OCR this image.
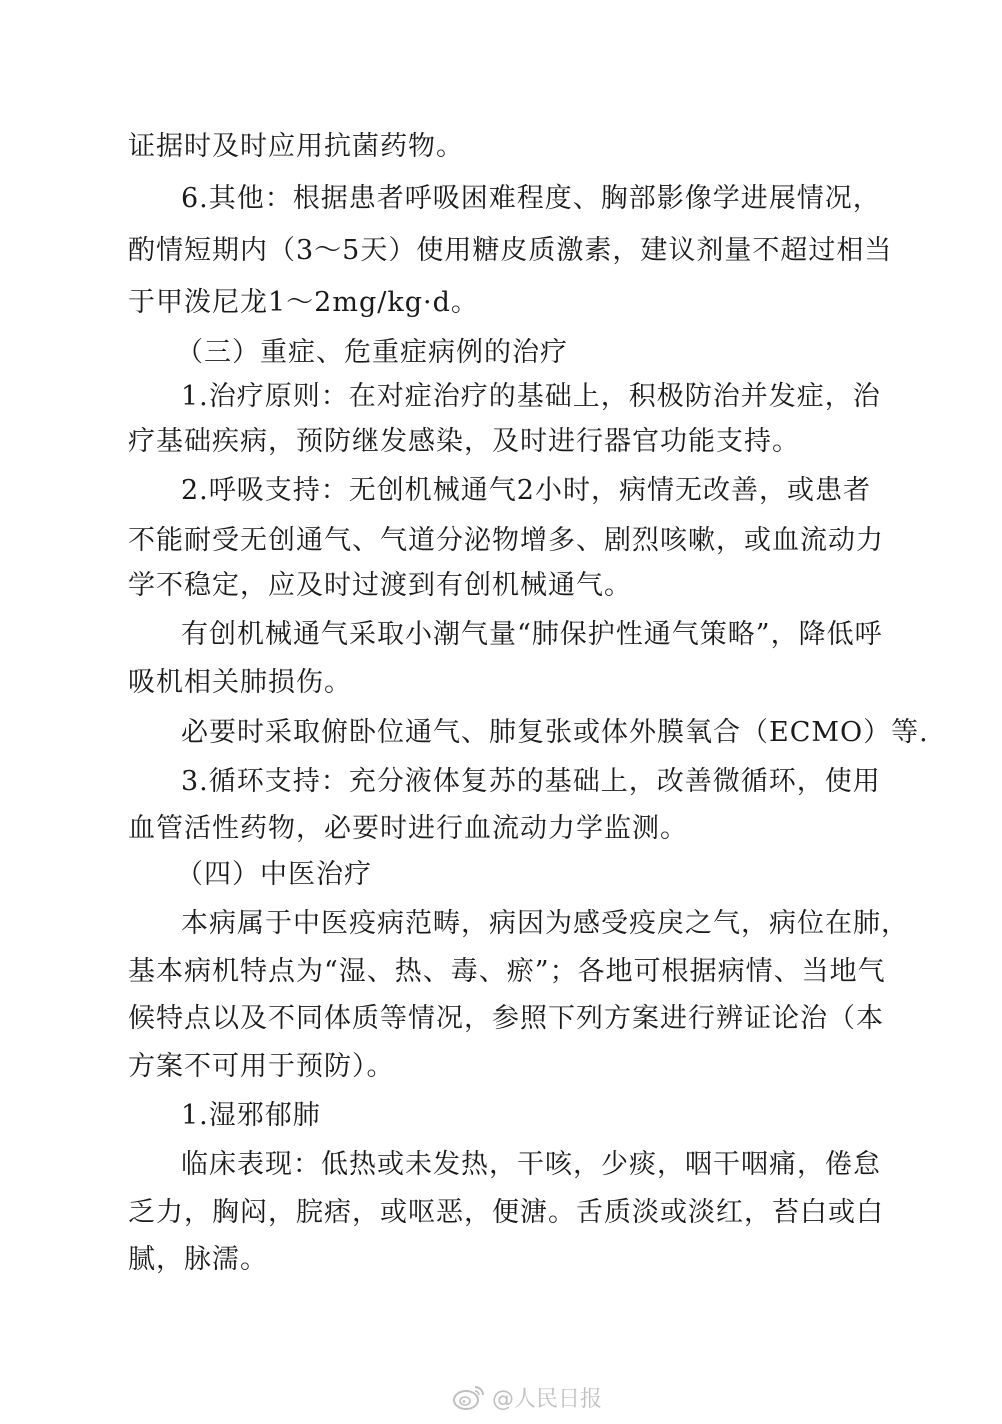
证据时及时应用抗菌药物。
6.其他：根据患者呼吸困难程度、胸部影像学进展情况，
酌情短期内（3～5天）使用糖皮质激素，建议剂量不超过相当
于甲泼尼龙1～2mg/kg·d。
（三）重症、危重症病例的治疗
1.治疗原则：在对症治疗的基础上，积极防治并发症，治
疗基础疾病，预防继发感染，及时进行器官功能支持。
2.呼吸支持：无创机械通气2小时，病情无改善，或患者
不能耐受无创通气、气道分泌物增多、剧烈咳嗽，或血流动力
学不稳定，应及时过渡到有创机械通气。
有创机械通气采取小潮气量“肺保护性通气策略”，降低呼
吸机相关肺损伤。
必要时采取俯卧位通气、肺复张或体外膜氧合（ECMO）等.
3.循环支持：充分液体复苏的基础上，改善微循环，使用
血管活性药物，必要时进行血流动力学监测。
（四）中医治疗
本病属于中医疫病范畴，病因为感受疫戾之气，病位在肺，
基本病机特点为“湿、热、毒、瘀”；各地可根据病情、当地气
候特点以及不同体质等情况，参照下列方案进行辨证论治（本
方案不可用于预防）。
1.湿邪郁肺
临床表现：低热或未发热，干咳，少痰，咽干咽痛，倦怠
乏力，胸闷，脘痞，或呕恶，便溏。舌质淡或淡红，苔白或白
腻，脉濡。
@人民日报
